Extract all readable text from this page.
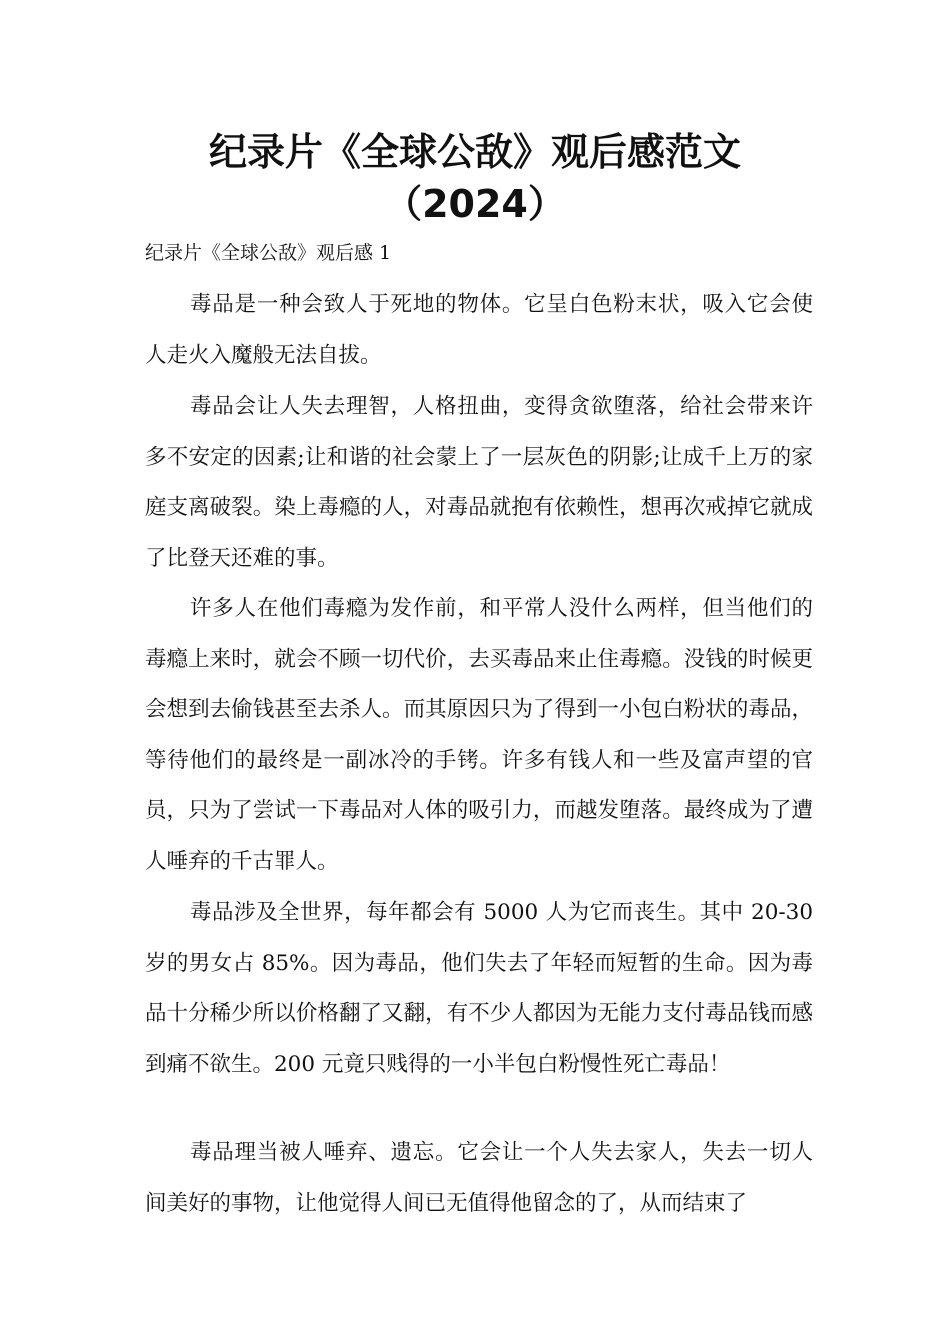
纪录片《全球公敌》观后感范文
（2024）
纪录片《全球公敌》观后感 1

毒品是一种会致人于死地的物体。它呈白色粉末状，吸入它会使人走火入魔般无法自拔。

毒品会让人失去理智，人格扭曲，变得贪欲堕落，给社会带来许多不安定的因素;让和谐的社会蒙上了一层灰色的阴影;让成千上万的家庭支离破裂。染上毒瘾的人，对毒品就抱有依赖性，想再次戒掉它就成了比登天还难的事。

许多人在他们毒瘾为发作前，和平常人没什么两样，但当他们的毒瘾上来时，就会不顾一切代价，去买毒品来止住毒瘾。没钱的时候更会想到去偷钱甚至去杀人。而其原因只为了得到一小包白粉状的毒品，等待他们的最终是一副冰冷的手铐。许多有钱人和一些及富声望的官员，只为了尝试一下毒品对人体的吸引力，而越发堕落。最终成为了遭人唾弃的千古罪人。

毒品涉及全世界，每年都会有 5000 人为它而丧生。其中 20-30岁的男女占 85%。因为毒品，他们失去了年轻而短暂的生命。因为毒品十分稀少所以价格翻了又翻，有不少人都因为无能力支付毒品钱而感到痛不欲生。200 元竟只贱得的一小半包白粉慢性死亡毒品！

毒品理当被人唾弃、遗忘。它会让一个人失去家人，失去一切人间美好的事物，让他觉得人间已无值得他留念的了，从而结束了
